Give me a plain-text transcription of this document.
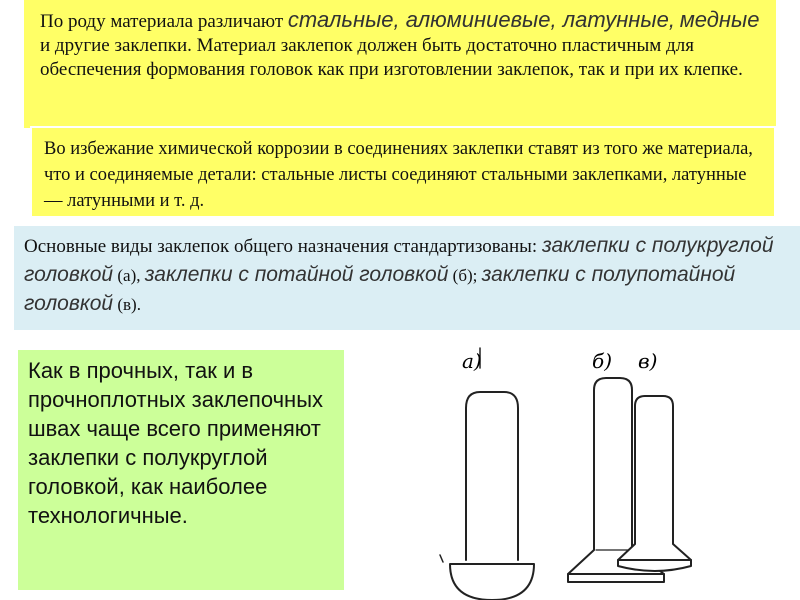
По роду материала различают стальные, алюминиевые, латунные, медные и другие заклепки. Материал заклепок должен быть достаточно пластичным для обеспечения формования головок как при изготовлении заклепок, так и при их клепке.
Во избежание химической коррозии в соединениях заклепки ставят из того же материала, что и соединяемые детали: стальные листы соединяют стальными заклепками, латунные — латунными и т. д.
Основные виды заклепок общего назначения стандартизованы: заклепки с полукруглой головкой (а), заклепки с потайной головкой (б); заклепки с полупотайной головкой (в).
Как в прочных, так и в прочноплотных заклепочных швах чаще всего применяют заклепки с полукруглой головкой, как наиболее технологичные.
а)	б) в)
